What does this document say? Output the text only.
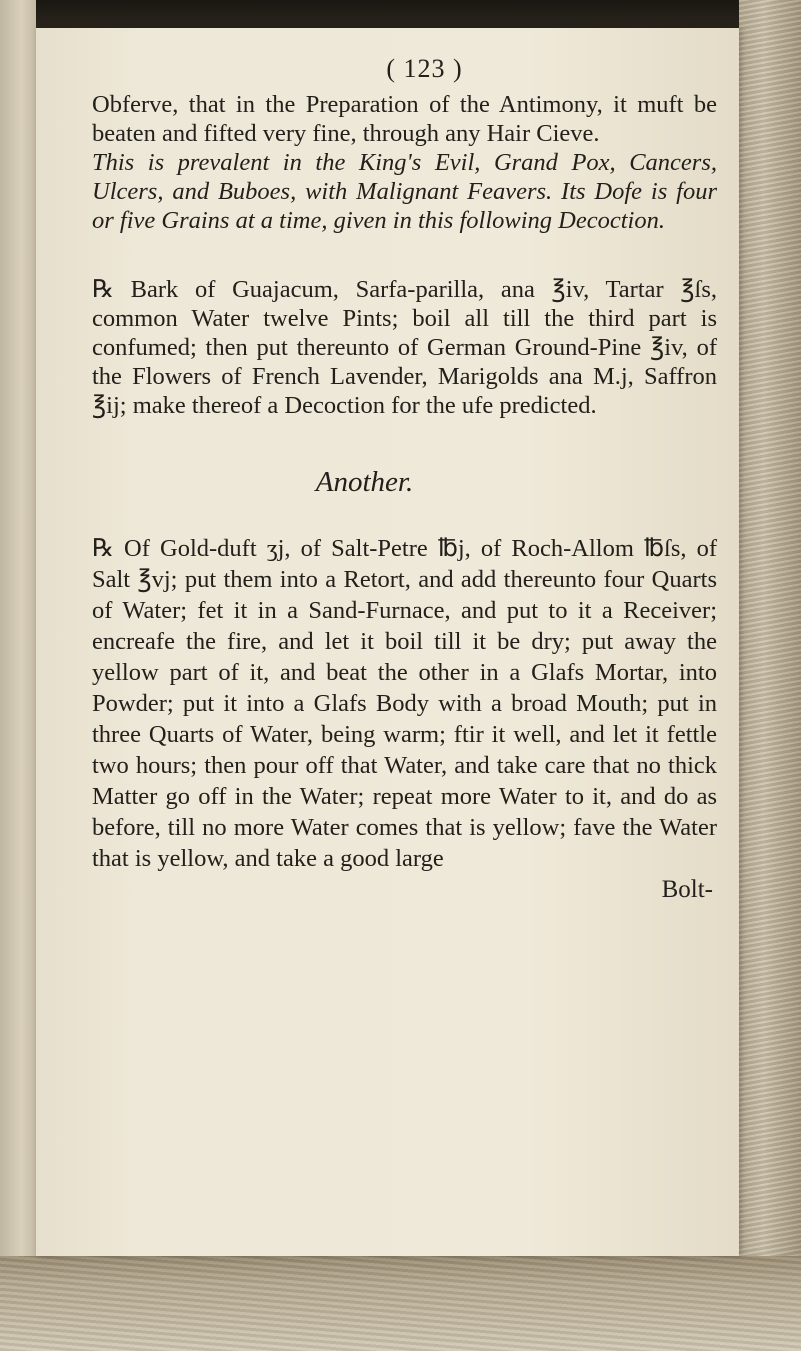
( 123 )

Obferve, that in the Preparation of the Antimony, it muft be beaten and fifted very fine, through any Hair Cieve.

This is prevalent in the King's Evil, Grand Pox, Cancers, Ulcers, and Buboes, with Malignant Feavers. Its Dofe is four or five Grains at a time, given in this following Decoction.

℞ Bark of Guajacum, Sarfa-parilla, ana ℥iv, Tartar ℥ſs, common Water twelve Pints; boil all till the third part is confumed; then put thereunto of German Ground-Pine ℥iv, of the Flowers of French Lavender, Marigolds ana M.j, Saffron ℥ij; make thereof a Decoction for the ufe predicted.

Another.

℞ Of Gold-duft ʒj, of Salt-Petre ℔j, of Roch-Allom ℔ſs, of Salt ℥vj; put them into a Retort, and add thereunto four Quarts of Water; fet it in a Sand-Furnace, and put to it a Receiver; encreafe the fire, and let it boil till it be dry; put away the yellow part of it, and beat the other in a Glafs Mortar, into Powder; put it into a Glafs Body with a broad Mouth; put in three Quarts of Water, being warm; ftir it well, and let it fettle two hours; then pour off that Water, and take care that no thick Matter go off in the Water; repeat more Water to it, and do as before, till no more Water comes that is yellow; fave the Water that is yellow, and take a good large

Bolt-
